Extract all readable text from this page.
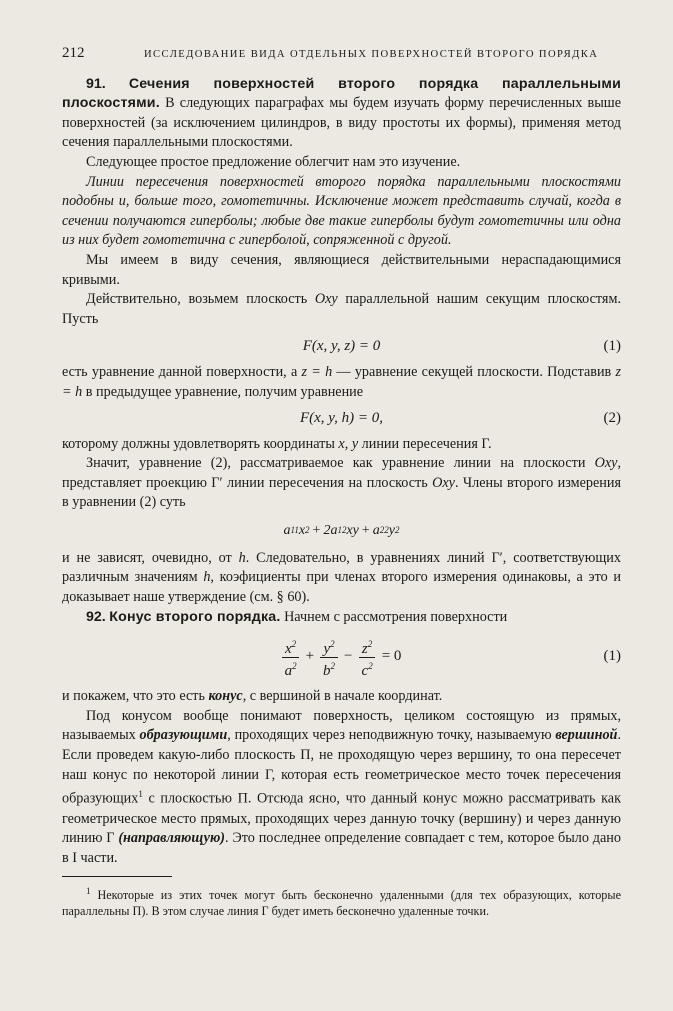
212	ИССЛЕДОВАНИЕ ВИДА ОТДЕЛЬНЫХ ПОВЕРХНОСТЕЙ ВТОРОГО ПОРЯДКА

91. Сечения поверхностей второго порядка параллельными плоскостями. В следующих параграфах мы будем изучать форму перечисленных выше поверхностей (за исключением цилиндров, в виду простоты их формы), применяя метод сечения параллельными плоскостями.

Следующее простое предложение облегчит нам это изучение.

Линии пересечения поверхностей второго порядка параллельными плоскостями подобны и, больше того, гомотетичны. Исключение может представить случай, когда в сечении получаются гиперболы; любые две такие гиперболы будут гомотетичны или одна из них будет гомотетична с гиперболой, сопряженной с другой.

Мы имеем в виду сечения, являющиеся действительными нераспадающимися кривыми.

Действительно, возьмем плоскость Oxy параллельной нашим секущим плоскостям. Пусть

F(x, y, z) = 0	(1)

есть уравнение данной поверхности, а z = h — уравнение секущей плоскости. Подставив z = h в предыдущее уравнение, получим уравнение

F(x, y, h) = 0,	(2)

которому должны удовлетворять координаты x, y линии пересечения Г.

Значит, уравнение (2), рассматриваемое как уравнение линии на плоскости Oxy, представляет проекцию Г′ линии пересечения на плоскость Oxy. Члены второго измерения в уравнении (2) суть

a 11 x 2 + 2a 12 xy + a 22 y 2

и не зависят, очевидно, от h. Следовательно, в уравнениях линий Г′, соответствующих различным значениям h, коэфициенты при членах второго измерения одинаковы, а это и доказывает наше утверждение (см. § 60).

92. Конус второго порядка. Начнем с рассмотрения поверхности

$\frac{x^2}{a^2} + \frac{y^2}{b^2} - \frac{z^2}{c^2} = 0$	(1)

и покажем, что это есть конус, с вершиной в начале координат.

Под конусом вообще понимают поверхность, целиком состоящую из прямых, называемых образующими, проходящих через неподвижную точку, называемую вершиной. Если проведем какую-либо плоскость П, не проходящую через вершину, то она пересечет наш конус по некоторой линии Г, которая есть геометрическое место точек пересечения образующих$^1$ с плоскостью П. Отсюда ясно, что данный конус можно рассматривать как геометрическое место прямых, проходящих через данную точку (вершину) и через данную линию Г (направляющую). Это последнее определение совпадает с тем, которое было дано в I части.

$^1$ Некоторые из этих точек могут быть бесконечно удаленными (для тех образующих, которые параллельны П). В этом случае линия Г будет иметь бесконечно удаленные точки.
